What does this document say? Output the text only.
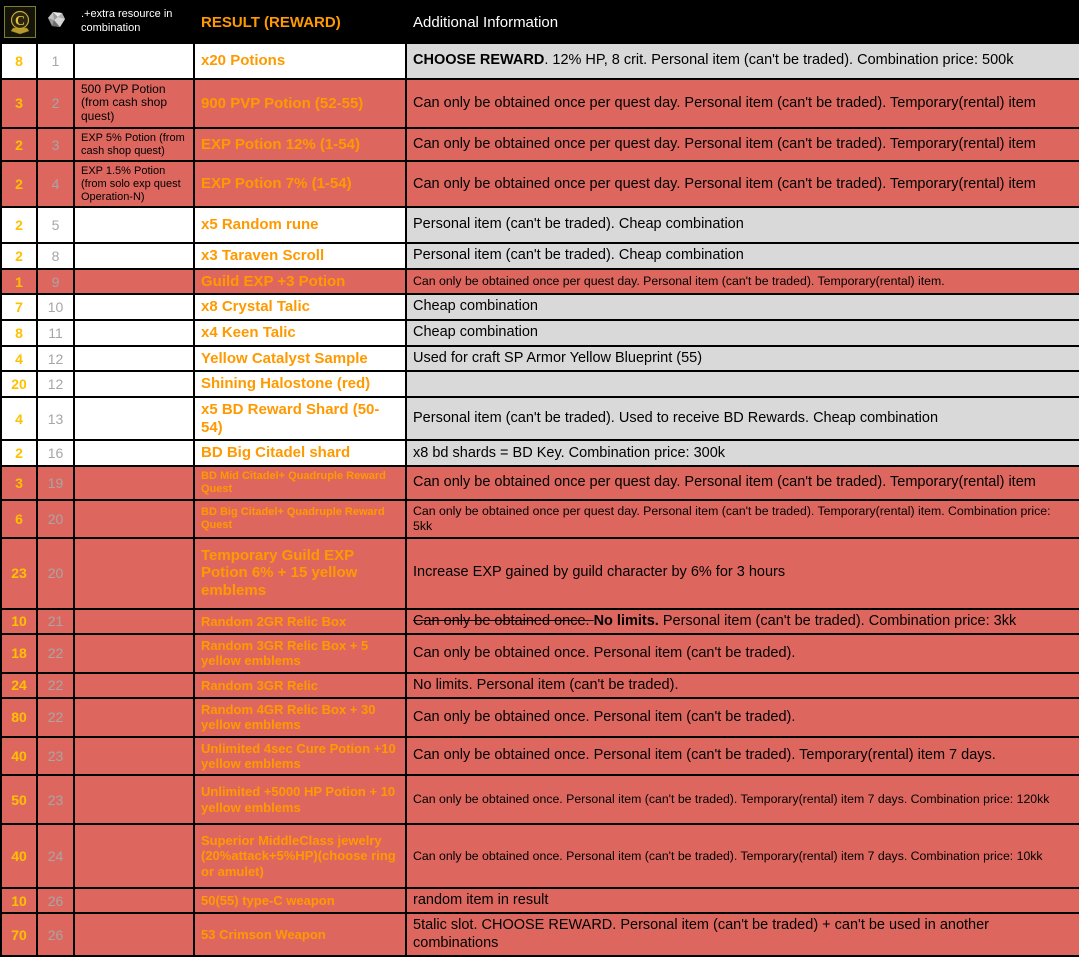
C		.+extra resource in combination	RESULT (REWARD)	Additional Information
8	1		x20 Potions	CHOOSE REWARD. 12% HP, 8 crit. Personal item (can't be traded). Combination price: 500k
3	2	500 PVP Potion (from cash shop quest)	900 PVP Potion (52-55)	Can only be obtained once per quest day. Personal item (can't be traded). Temporary(rental) item
2	3	EXP 5% Potion (from cash shop quest)	EXP Potion 12% (1-54)	Can only be obtained once per quest day. Personal item (can't be traded). Temporary(rental) item
2	4	EXP 1.5% Potion (from solo exp quest Operation-N)	EXP Potion 7% (1-54)	Can only be obtained once per quest day. Personal item (can't be traded). Temporary(rental) item
2	5		x5 Random rune	Personal item (can't be traded). Cheap combination
2	8		x3 Taraven Scroll	Personal item (can't be traded). Cheap combination
1	9		Guild EXP +3 Potion	Can only be obtained once per quest day. Personal item (can't be traded). Temporary(rental) item.
7	10		x8 Crystal Talic	Cheap combination
8	11		x4 Keen Talic	Cheap combination
4	12		Yellow Catalyst Sample	Used for craft SP Armor Yellow Blueprint (55)
20	12		Shining Halostone (red)	
4	13		x5 BD Reward Shard (50-54)	Personal item (can't be traded). Used to receive BD Rewards. Cheap combination
2	16		BD Big Citadel shard	x8 bd shards = BD Key. Combination price: 300k
3	19		BD Mid Citadel+ Quadruple Reward Quest	Can only be obtained once per quest day. Personal item (can't be traded). Temporary(rental) item
6	20		BD Big Citadel+ Quadruple Reward Quest	Can only be obtained once per quest day. Personal item (can't be traded). Temporary(rental) item. Combination price: 5kk
23	20		Temporary Guild EXP Potion 6% + 15 yellow emblems	Increase EXP gained by guild character by 6% for 3 hours
10	21		Random 2GR Relic Box	Can only be obtained once. No limits. Personal item (can't be traded). Combination price: 3kk
18	22		Random 3GR Relic Box + 5 yellow emblems	Can only be obtained once. Personal item (can't be traded).
24	22		Random 3GR Relic	No limits. Personal item (can't be traded).
80	22		Random 4GR Relic Box + 30 yellow emblems	Can only be obtained once. Personal item (can't be traded).
40	23		Unlimited 4sec Cure Potion +10 yellow emblems	Can only be obtained once. Personal item (can't be traded). Temporary(rental) item 7 days.
50	23		Unlimited +5000 HP Potion + 10 yellow emblems	Can only be obtained once. Personal item (can't be traded). Temporary(rental) item 7 days. Combination price: 120kk
40	24		Superior MiddleClass jewelry (20%attack+5%HP)(choose ring or amulet)	Can only be obtained once. Personal item (can't be traded). Temporary(rental) item 7 days. Combination price: 10kk
10	26		50(55) type-C weapon	random item in result
70	26		53 Crimson Weapon	5talic slot. CHOOSE REWARD. Personal item (can't be traded) + can't be used in another combinations
